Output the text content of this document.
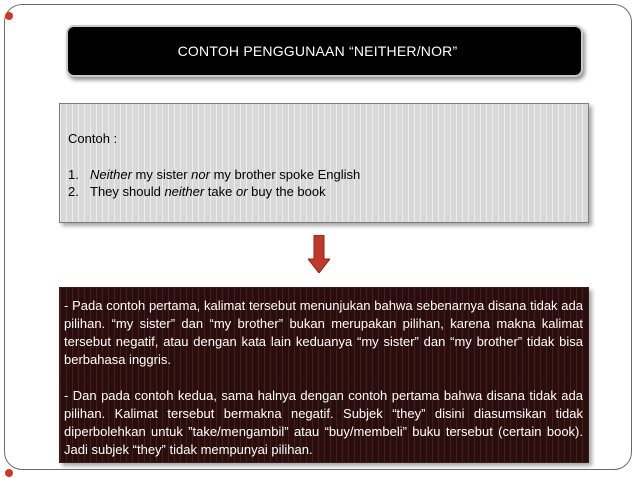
CONTOH PENGGUNAAN “NEITHER/NOR”
Contoh :
1. Neither my sister nor my brother spoke English
2. They should neither take or buy the book

- Pada contoh pertama, kalimat tersebut menunjukan bahwa sebenarnya disana tidak ada pilihan. “my sister” dan “my brother” bukan merupakan pilihan, karena makna kalimat tersebut negatif, atau dengan kata lain keduanya “my sister” dan “my brother” tidak bisa berbahasa inggris.

- Dan pada contoh kedua, sama halnya dengan contoh pertama bahwa disana tidak ada pilihan. Kalimat tersebut bermakna negatif. Subjek “they” disini diasumsikan tidak diperbolehkan untuk ”take/mengambil” atau “buy/membeli” buku tersebut (certain book). Jadi subjek “they” tidak mempunyai pilihan.
